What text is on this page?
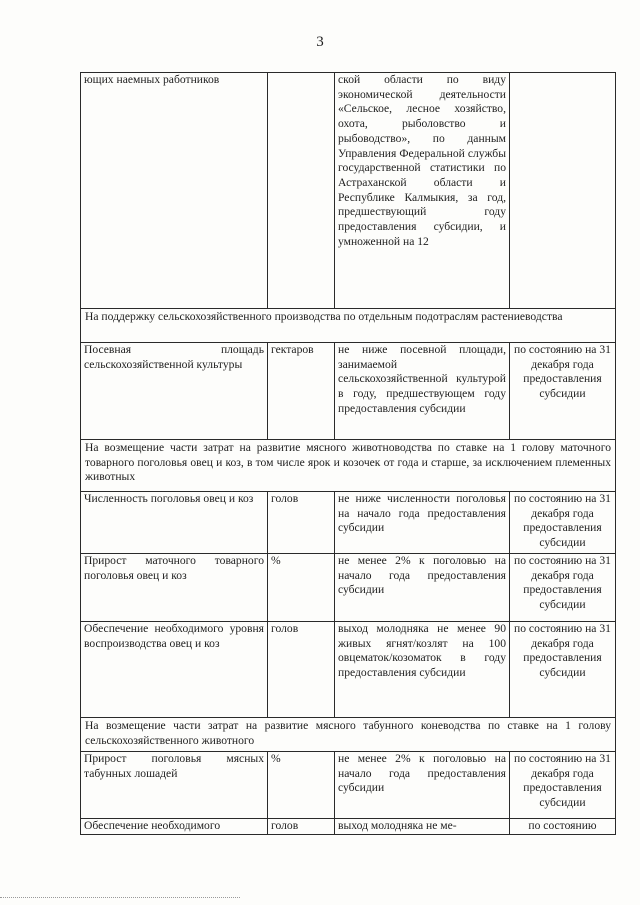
3
ющих наемных работников		ской области по виду экономической деятельности «Сельское, лесное хозяйство, охота, рыболовство и рыбоводство», по данным Управления Федеральной службы государственной статистики по Астраханской области и Республике Калмыкия, за год, предшествующий году предоставления субсидии, и умноженной на 12	
На поддержку сельскохозяйственного производства по отдельным подотраслям растениеводства			
Посевная площадь сельскохозяйственной культуры	гектаров	не ниже посевной площади, занимаемой сельскохозяйственной культурой в году, предшествующем году предоставления субсидии	по состоянию на 31 декабря года предоставления субсидии
На возмещение части затрат на развитие мясного животноводства по ставке на 1 голову маточного товарного поголовья овец и коз, в том числе ярок и козочек от года и старше, за исключением племенных животных			
Численность поголовья овец и коз	голов	не ниже численности поголовья на начало года предоставления субсидии	по состоянию на 31 декабря года предоставления субсидии
Прирост маточного товарного поголовья овец и коз	%	не менее 2% к поголовью на начало года предоставления субсидии	по состоянию на 31 декабря года предоставления субсидии
Обеспечение необходимого уровня воспроизводства овец и коз	голов	выход молодняка не менее 90 живых ягнят/козлят на 100 овцематок/козоматок в году предоставления субсидии	по состоянию на 31 декабря года предоставления субсидии
На возмещение части затрат на развитие мясного табунного коневодства по ставке на 1 голову сельскохозяйственного животного			
Прирост поголовья мясных табунных лошадей	%	не менее 2% к поголовью на начало года предоставления субсидии	по состоянию на 31 декабря года предоставления субсидии
Обеспечение необходимого	голов	выход молодняка не ме-	по состоянию
